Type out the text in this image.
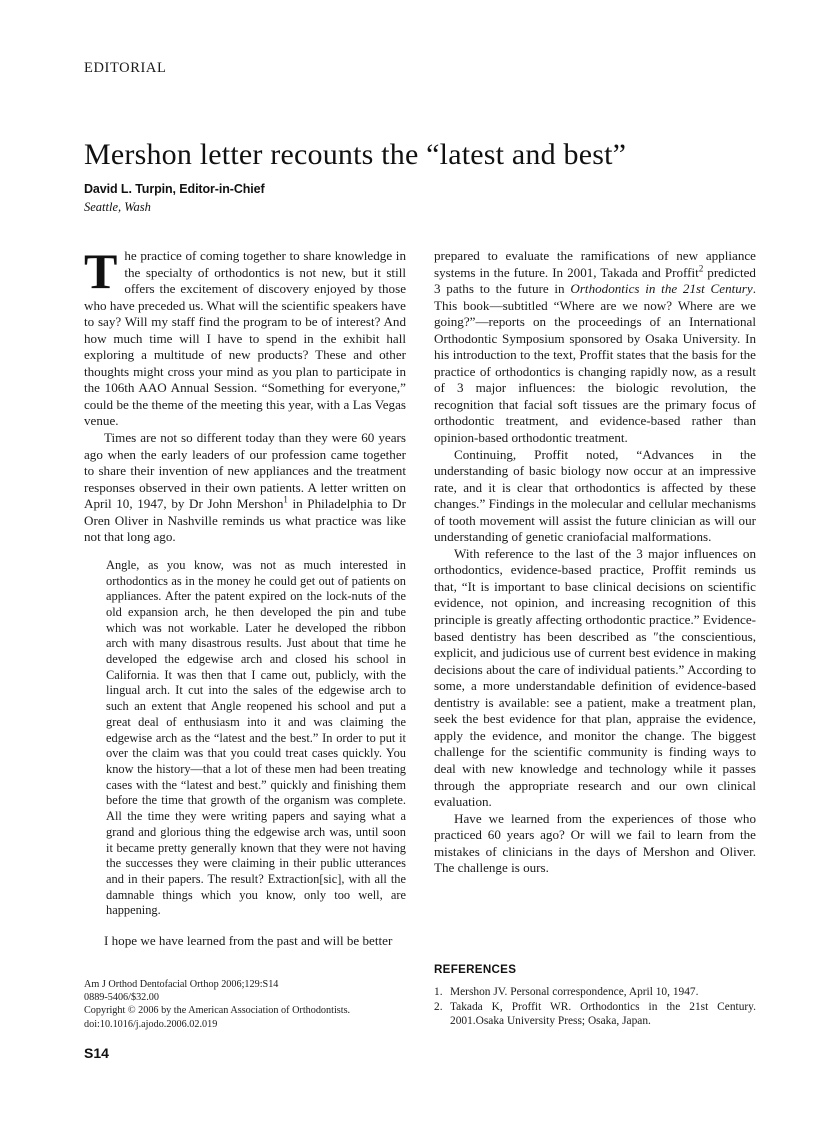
EDITORIAL
Mershon letter recounts the “latest and best”
David L. Turpin, Editor-in-Chief
Seattle, Wash

The practice of coming together to share knowledge in the specialty of orthodontics is not new, but it still offers the excitement of discovery enjoyed by those who have preceded us. What will the scientific speakers have to say? Will my staff find the program to be of interest? And how much time will I have to spend in the exhibit hall exploring a multitude of new products? These and other thoughts might cross your mind as you plan to participate in the 106th AAO Annual Session. “Something for everyone,” could be the theme of the meeting this year, with a Las Vegas venue.

Times are not so different today than they were 60 years ago when the early leaders of our profession came together to share their invention of new appliances and the treatment responses observed in their own patients. A letter written on April 10, 1947, by Dr John Mershon$^1$ in Philadelphia to Dr Oren Oliver in Nashville reminds us what practice was like not that long ago.

Angle, as you know, was not as much interested in orthodontics as in the money he could get out of patients on appliances. After the patent expired on the lock-nuts of the old expansion arch, he then developed the pin and tube which was not workable. Later he developed the ribbon arch with many disastrous results. Just about that time he developed the edgewise arch and closed his school in California. It was then that I came out, publicly, with the lingual arch. It cut into the sales of the edgewise arch to such an extent that Angle reopened his school and put a great deal of enthusiasm into it and was claiming the edgewise arch as the “latest and the best.” In order to put it over the claim was that you could treat cases quickly. You know the history—that a lot of these men had been treating cases with the “latest and best.” quickly and finishing them before the time that growth of the organism was complete. All the time they were writing papers and saying what a grand and glorious thing the edgewise arch was, until soon it became pretty generally known that they were not having the successes they were claiming in their public utterances and in their papers. The result? Extraction[sic], with all the damnable things which you know, only too well, are happening.

I hope we have learned from the past and will be better

prepared to evaluate the ramifications of new appliance systems in the future. In 2001, Takada and Proffit$^2$ predicted 3 paths to the future in Orthodontics in the 21st Century. This book—subtitled “Where are we now? Where are we going?”—reports on the proceedings of an International Orthodontic Symposium sponsored by Osaka University. In his introduction to the text, Proffit states that the basis for the practice of orthodontics is changing rapidly now, as a result of 3 major influences: the biologic revolution, the recognition that facial soft tissues are the primary focus of orthodontic treatment, and evidence-based rather than opinion-based orthodontic treatment.

Continuing, Proffit noted, “Advances in the understanding of basic biology now occur at an impressive rate, and it is clear that orthodontics is affected by these changes.” Findings in the molecular and cellular mechanisms of tooth movement will assist the future clinician as will our understanding of genetic craniofacial malformations.

With reference to the last of the 3 major influences on orthodontics, evidence-based practice, Proffit reminds us that, “It is important to base clinical decisions on scientific evidence, not opinion, and increasing recognition of this principle is greatly affecting orthodontic practice.” Evidence-based dentistry has been described as ″the conscientious, explicit, and judicious use of current best evidence in making decisions about the care of individual patients.” According to some, a more understandable definition of evidence-based dentistry is available: see a patient, make a treatment plan, seek the best evidence for that plan, appraise the evidence, apply the evidence, and monitor the change. The biggest challenge for the scientific community is finding ways to deal with new knowledge and technology while it passes through the appropriate research and our own clinical evaluation.

Have we learned from the experiences of those who practiced 60 years ago? Or will we fail to learn from the mistakes of clinicians in the days of Mershon and Oliver. The challenge is ours.

Am J Orthod Dentofacial Orthop 2006;129:S14
0889-5406/$32.00
Copyright © 2006 by the American Association of Orthodontists.
doi:10.1016/j.ajodo.2006.02.019
S14
REFERENCES
1. Mershon JV. Personal correspondence, April 10, 1947.
2. Takada K, Proffit WR. Orthodontics in the 21st Century. 2001.Osaka University Press; Osaka, Japan.
